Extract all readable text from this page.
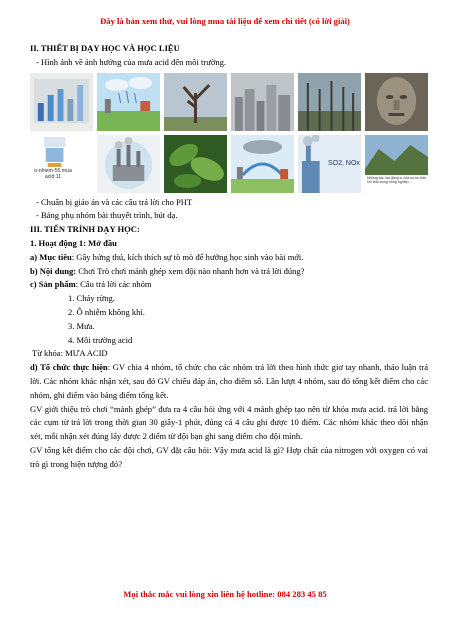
Đây là bản xem thử, vui lòng mua tài liệu để xem chi tiết (có lời giải)

II. THIẾT BỊ DẠY HỌC VÀ HỌC LIỆU

- Hình ảnh về ảnh hưởng của mưa acid đến môi trường.

o-nhiem-55 mua acid 11
SO2, NOx
Những tác hại đáng lo của nước thải, khí thải trong nông nghiệp...

- Chuẩn bị giáo án và các câu trả lời cho PHT

- Bảng phụ nhóm bài thuyết trình, bút dạ.

III. TIẾN TRÌNH DẠY HỌC:

1. Hoạt động 1: Mở đầu

a) Mục tiêu: Gây hứng thú, kích thích sự tò mò để hướng học sinh vào bài mới.

b) Nội dung: Chơi Trò chơi mảnh ghép xem đội nào nhanh hơn và trả lời đúng?

c) Sản phẩm: Câu trả lời các nhóm

1. Cháy rừng.

2. Ô nhiễm không khí.

3. Mưa.

4. Môi trường acid

Từ khóa: MƯA ACID

d) Tổ chức thực hiện: GV chia 4 nhóm, tổ chức cho các nhóm trả lời theo hình thức giơ tay nhanh, thảo luận trả lời. Các nhóm khác nhận xét, sau đó GV chiếu đáp án, cho điểm số. Lần lượt 4 nhóm, sau đó tổng kết điểm cho các nhóm, ghi điểm vào bảng điểm tổng kết.

GV giới thiệu trò chơi “mảnh ghép” đưa ra 4 câu hỏi ứng với 4 mảnh ghép tạo nên từ khóa mưa acid. trả lời bằng các cụm từ trả lời trong thời gian 30 giây-1 phút, đúng cả 4 câu ghi được 10 điểm. Các nhóm khác theo dõi nhận xét, mỗi nhận xét đúng lấy được 2 điểm từ đội bạn ghi sang điểm cho đội mình.

GV tổng kết điểm cho các đội chơi, GV đặt câu hỏi: Vậy mưa acid là gì? Hợp chất của nitrogen với oxygen có vai trò gì trong hiện tượng đó?

Mọi thắc mắc vui lòng xin liên hệ hotline: 084 283 45 85
